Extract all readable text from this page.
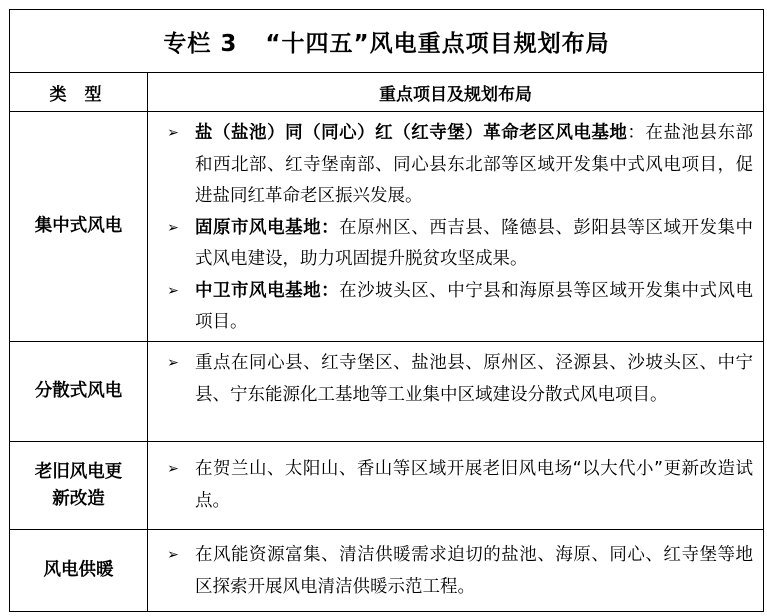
专栏 3 “十四五”风电重点项目规划布局
类 型	重点项目及规划布局
集中式风电
➢ 盐（盐池）同（同心）红（红寺堡）革命老区风电基地：在盐池县东部和西北部、红寺堡南部、同心县东北部等区域开发集中式风电项目，促进盐同红革命老区振兴发展。
➢ 固原市风电基地：在原州区、西吉县、隆德县、彭阳县等区域开发集中式风电建设，助力巩固提升脱贫攻坚成果。
➢ 中卫市风电基地：在沙坡头区、中宁县和海原县等区域开发集中式风电项目。
分散式风电
➢ 重点在同心县、红寺堡区、盐池县、原州区、泾源县、沙坡头区、中宁县、宁东能源化工基地等工业集中区域建设分散式风电项目。
老旧风电更新改造
➢ 在贺兰山、太阳山、香山等区域开展老旧风电场“以大代小”更新改造试点。
风电供暖
➢ 在风能资源富集、清洁供暖需求迫切的盐池、海原、同心、红寺堡等地区探索开展风电清洁供暖示范工程。
